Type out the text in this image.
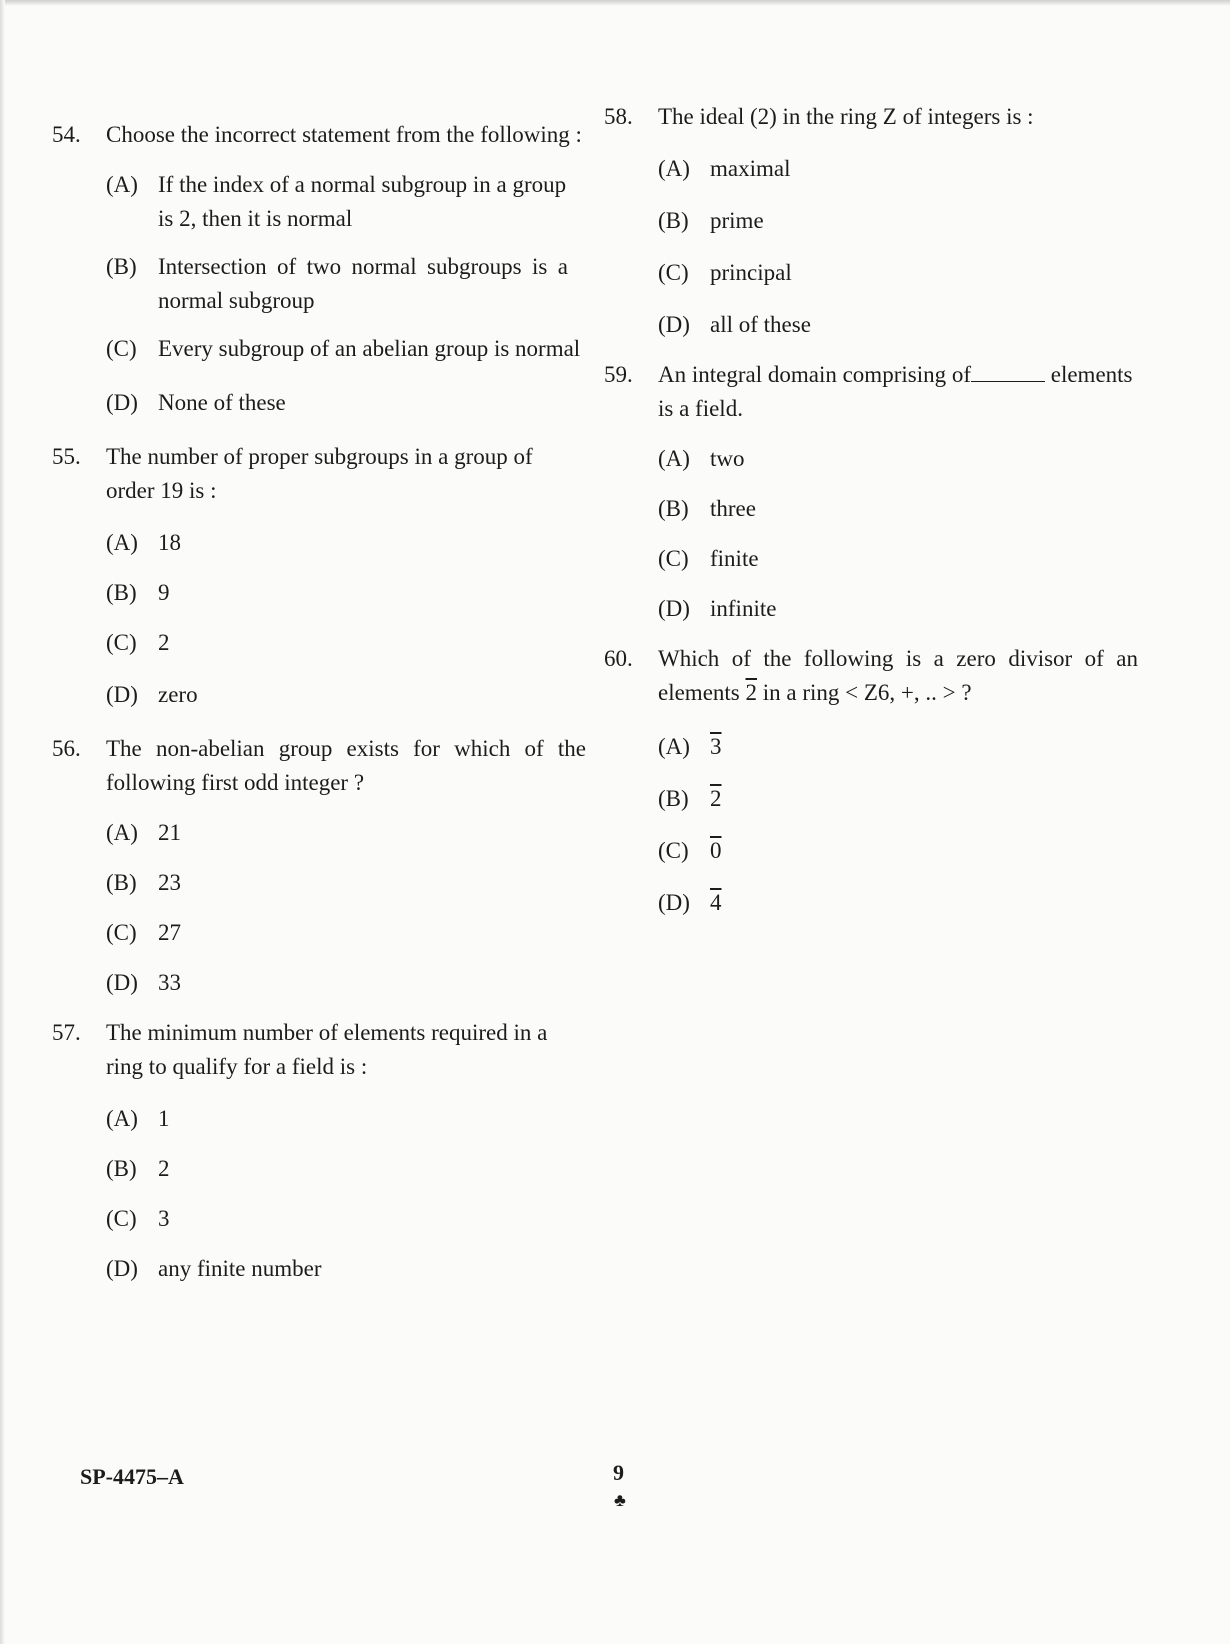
54. Choose the incorrect statement from the following :
(A) If the index of a normal subgroup in a group is 2, then it is normal
(B) Intersection of two normal subgroups is a normal subgroup
(C) Every subgroup of an abelian group is normal
(D) None of these
55. The number of proper subgroups in a group of order 19 is :
(A) 18
(B) 9
(C) 2
(D) zero
56. The non-abelian group exists for which of the following first odd integer ?
(A) 21
(B) 23
(C) 27
(D) 33
57. The minimum number of elements required in a ring to qualify for a field is :
(A) 1
(B) 2
(C) 3
(D) any finite number
58. The ideal (2) in the ring Z of integers is :
(A) maximal
(B) prime
(C) principal
(D) all of these
59. An integral domain comprising of	elements is a field.
(A) two
(B) three
(C) finite
(D) infinite
60. Which of the following is a zero divisor of an elements 2 in a ring < Z6, +, .. > ?
(A) 3
(B) 2
(C) 0
(D) 4
SP-4475–A	9
♣
